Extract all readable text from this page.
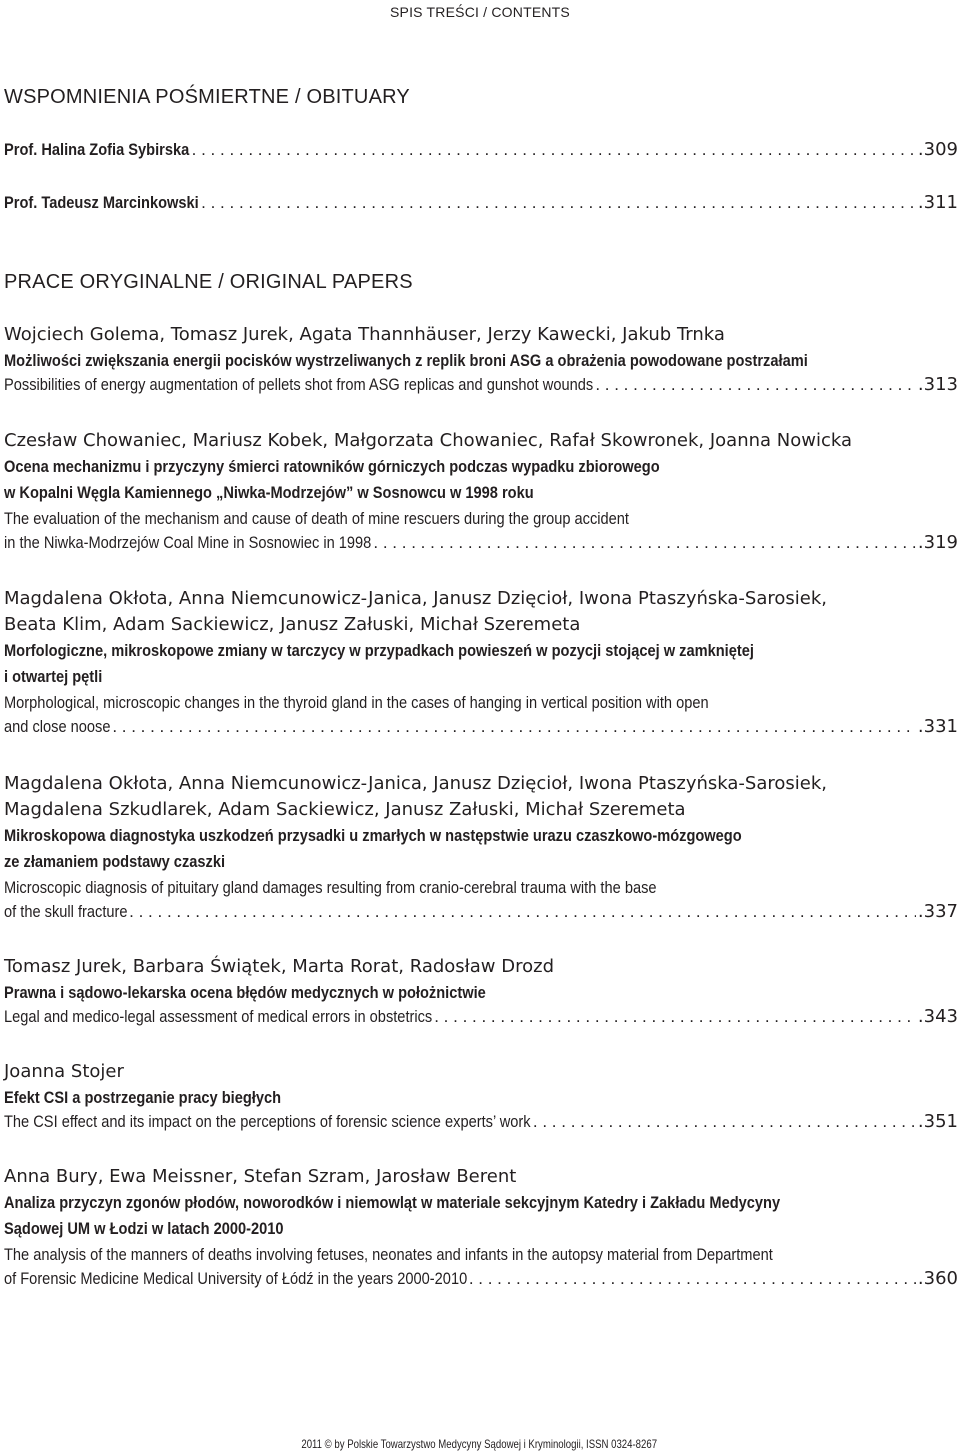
SPIS TREŚCI / CONTENTS
WSPOMNIENIA POŚMIERTNE / OBITUARY
Prof. Halina Zofia Sybirska . . .	.309
Prof. Tadeusz Marcinkowski . . .	.311
PRACE ORYGINALNE / ORIGINAL PAPERS
Wojciech Golema, Tomasz Jurek, Agata Thannhäuser, Jerzy Kawecki, Jakub Trnka
Możliwości zwiększania energii pocisków wystrzeliwanych z replik broni ASG a obrażenia powodowane postrzałami
Possibilities of energy augmentation of pellets shot from ASG replicas and gunshot wounds . . .	.313
Czesław Chowaniec, Mariusz Kobek, Małgorzata Chowaniec, Rafał Skowronek, Joanna Nowicka
Ocena mechanizmu i przyczyny śmierci ratowników górniczych podczas wypadku zbiorowego
w Kopalni Węgla Kamiennego „Niwka-Modrzejów” w Sosnowcu w 1998 roku
The evaluation of the mechanism and cause of death of mine rescuers during the group accident
in the Niwka-Modrzejów Coal Mine in Sosnowiec in 1998 . . .	.319
Magdalena Okłota, Anna Niemcunowicz-Janica, Janusz Dzięcioł, Iwona Ptaszyńska-Sarosiek,
Beata Klim, Adam Sackiewicz, Janusz Załuski, Michał Szeremeta
Morfologiczne, mikroskopowe zmiany w tarczycy w przypadkach powieszeń w pozycji stojącej w zamkniętej
i otwartej pętli
Morphological, microscopic changes in the thyroid gland in the cases of hanging in vertical position with open
and close noose . . .	.331
Magdalena Okłota, Anna Niemcunowicz-Janica, Janusz Dzięcioł, Iwona Ptaszyńska-Sarosiek,
Magdalena Szkudlarek, Adam Sackiewicz, Janusz Załuski, Michał Szeremeta
Mikroskopowa diagnostyka uszkodzeń przysadki u zmarłych w następstwie urazu czaszkowo-mózgowego
ze złamaniem podstawy czaszki
Microscopic diagnosis of pituitary gland damages resulting from cranio-cerebral trauma with the base
of the skull fracture . . .	.337
Tomasz Jurek, Barbara Świątek, Marta Rorat, Radosław Drozd
Prawna i sądowo-lekarska ocena błędów medycznych w położnictwie
Legal and medico-legal assessment of medical errors in obstetrics . . .	.343
Joanna Stojer
Efekt CSI a postrzeganie pracy biegłych
The CSI effect and its impact on the perceptions of forensic science experts’ work . . .	.351
Anna Bury, Ewa Meissner, Stefan Szram, Jarosław Berent
Analiza przyczyn zgonów płodów, noworodków i niemowląt w materiale sekcyjnym Katedry i Zakładu Medycyny
Sądowej UM w Łodzi w latach 2000-2010
The analysis of the manners of deaths involving fetuses, neonates and infants in the autopsy material from Department
of Forensic Medicine Medical University of Łódź in the years 2000-2010 . . .	.360
2011 © by Polskie Towarzystwo Medycyny Sądowej i Kryminologii, ISSN 0324-8267
